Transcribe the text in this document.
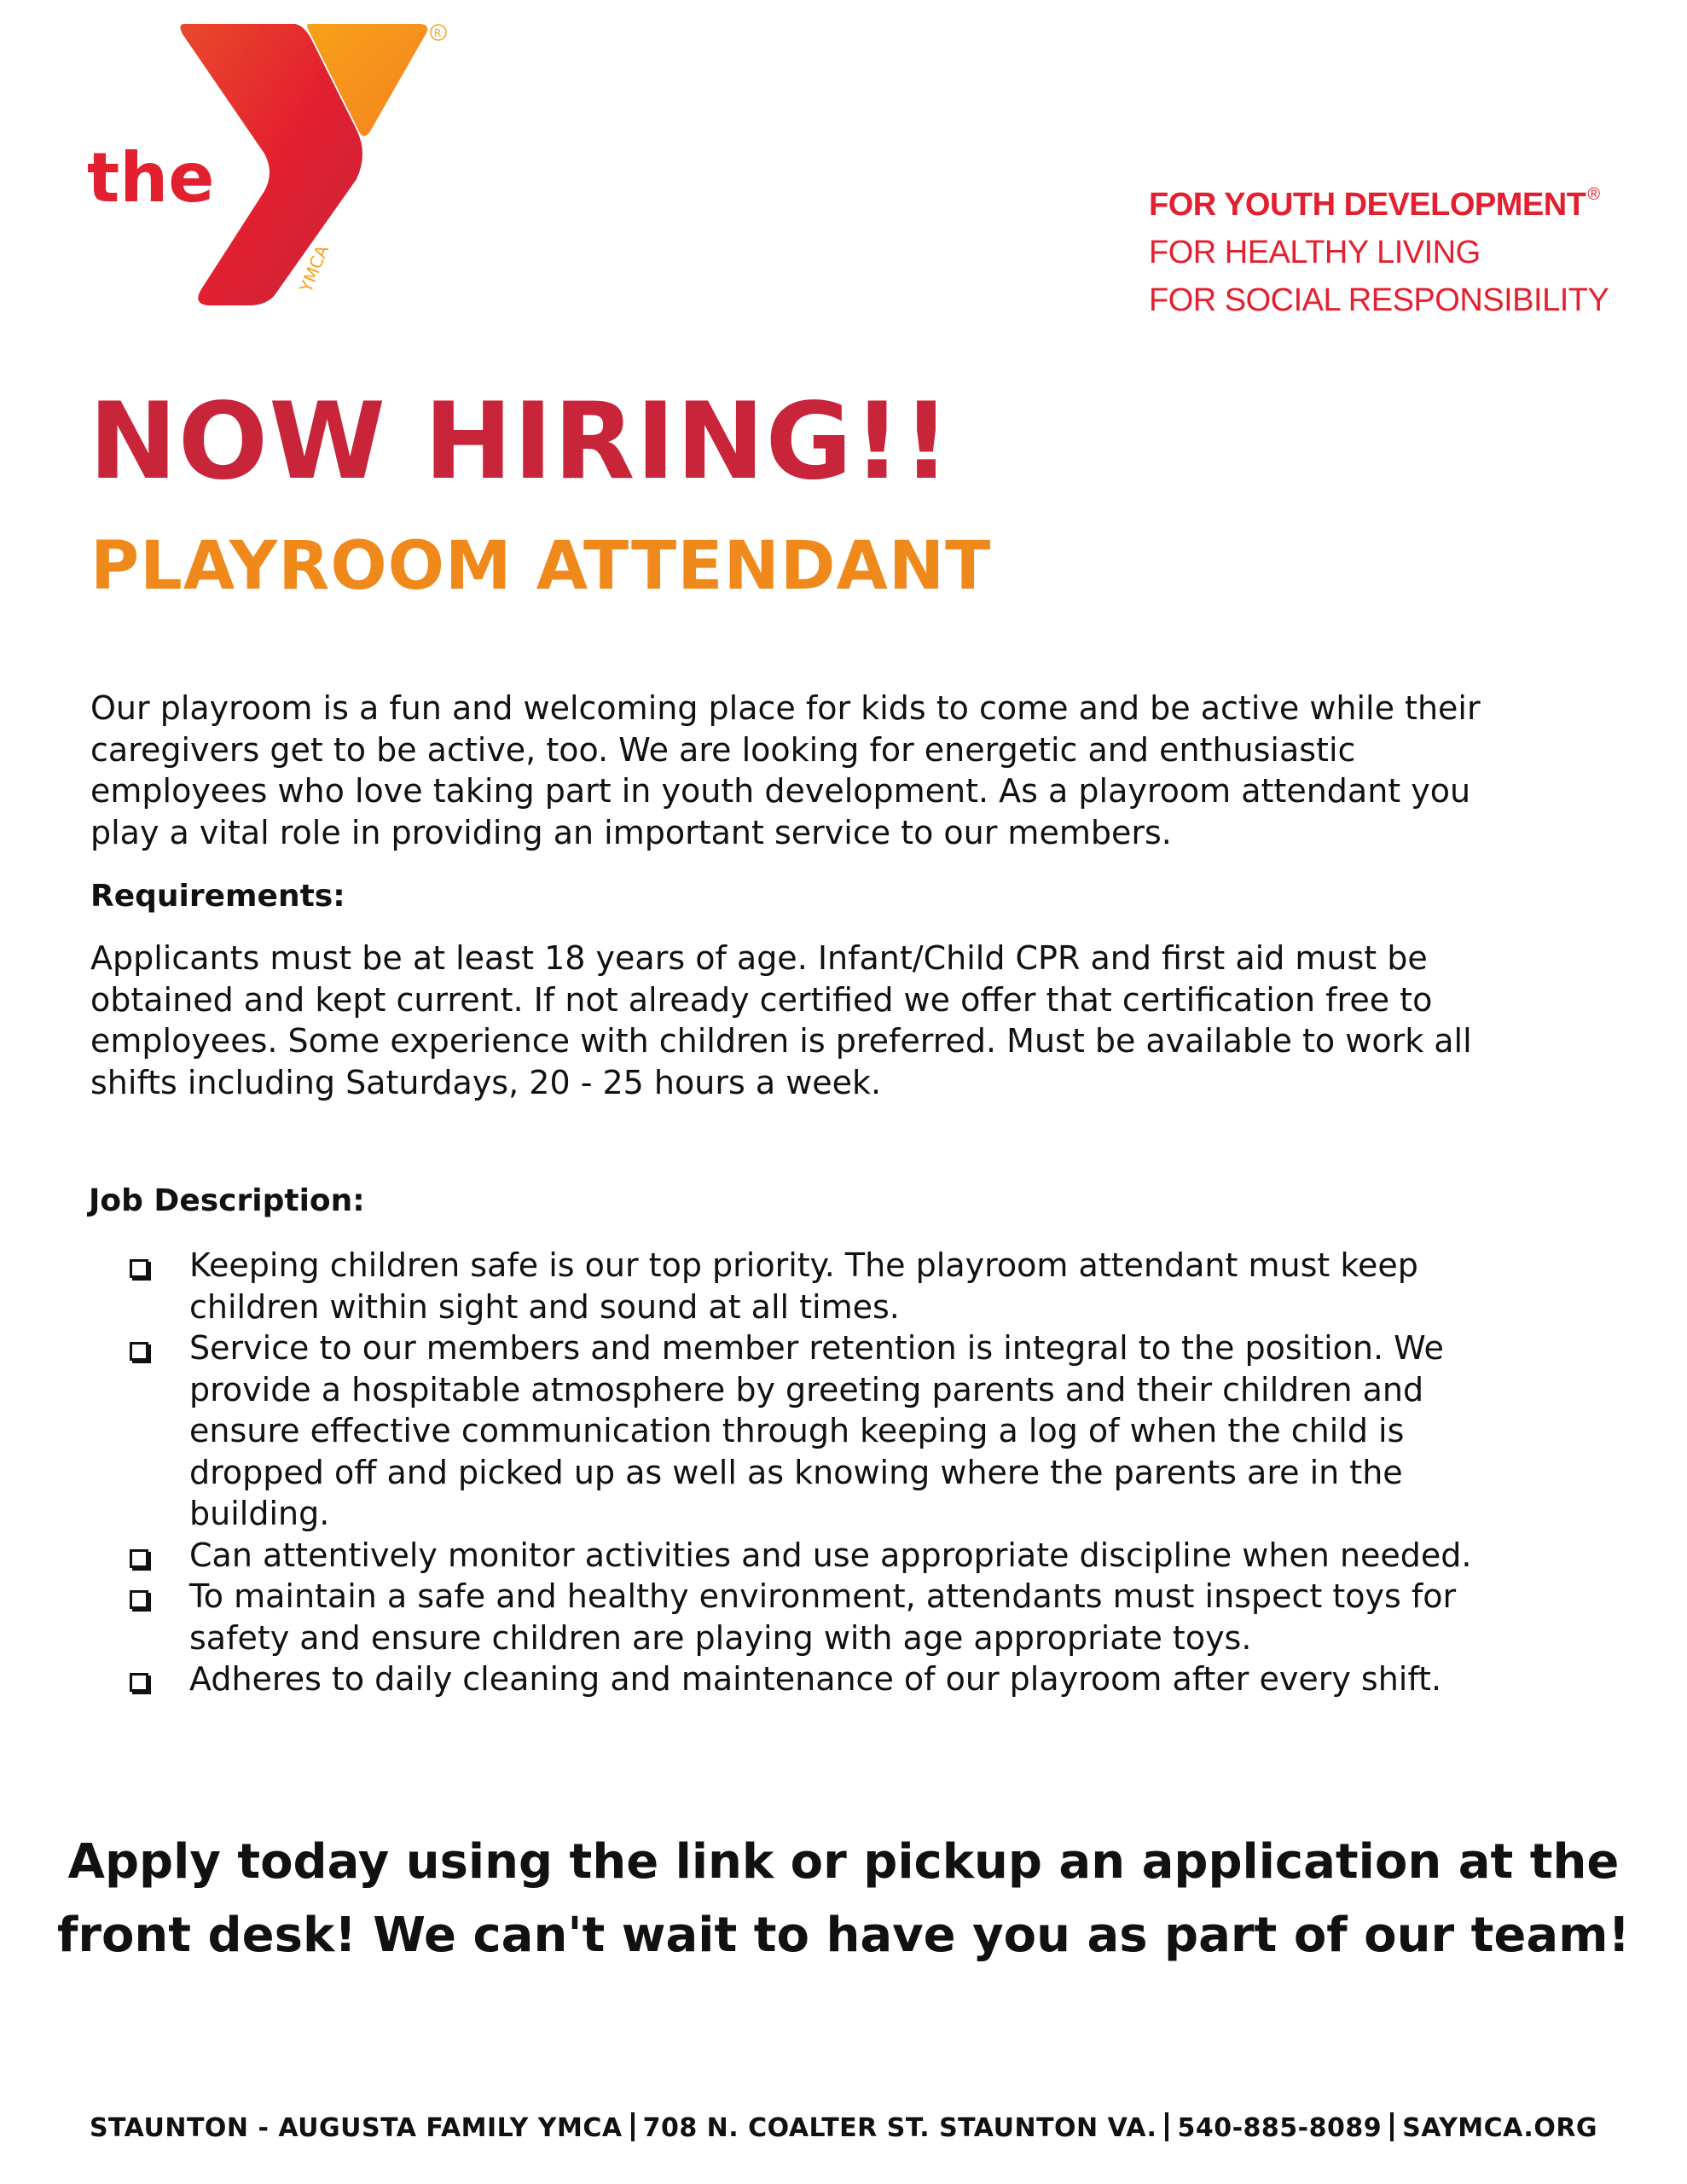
the
YMCA
R
FOR YOUTH DEVELOPMENT ®
FOR HEALTHY LIVING
FOR SOCIAL RESPONSIBILITY
NOW HIRING!!
PLAYROOM ATTENDANT
Our playroom is a fun and welcoming place for kids to come and be active while their
caregivers get to be active, too. We are looking for energetic and enthusiastic
employees who love taking part in youth development. As a playroom attendant you
play a vital role in providing an important service to our members.
Requirements:
Applicants must be at least 18 years of age. Infant/Child CPR and first aid must be
obtained and kept current. If not already certified we offer that certification free to
employees. Some experience with children is preferred. Must be available to work all
shifts including Saturdays, 20 - 25 hours a week.
Job Description:
Keeping children safe is our top priority. The playroom attendant must keep
children within sight and sound at all times.
Service to our members and member retention is integral to the position. We
provide a hospitable atmosphere by greeting parents and their children and
ensure effective communication through keeping a log of when the child is
dropped off and picked up as well as knowing where the parents are in the
building.
Can attentively monitor activities and use appropriate discipline when needed.
To maintain a safe and healthy environment, attendants must inspect toys for
safety and ensure children are playing with age appropriate toys.
Adheres to daily cleaning and maintenance of our playroom after every shift.
Apply today using the link or pickup an application at the
front desk! We can't wait to have you as part of our team!
STAUNTON - AUGUSTA FAMILY YMCA 708 N. COALTER ST. STAUNTON VA. 540-885-8089 SAYMCA.ORG
